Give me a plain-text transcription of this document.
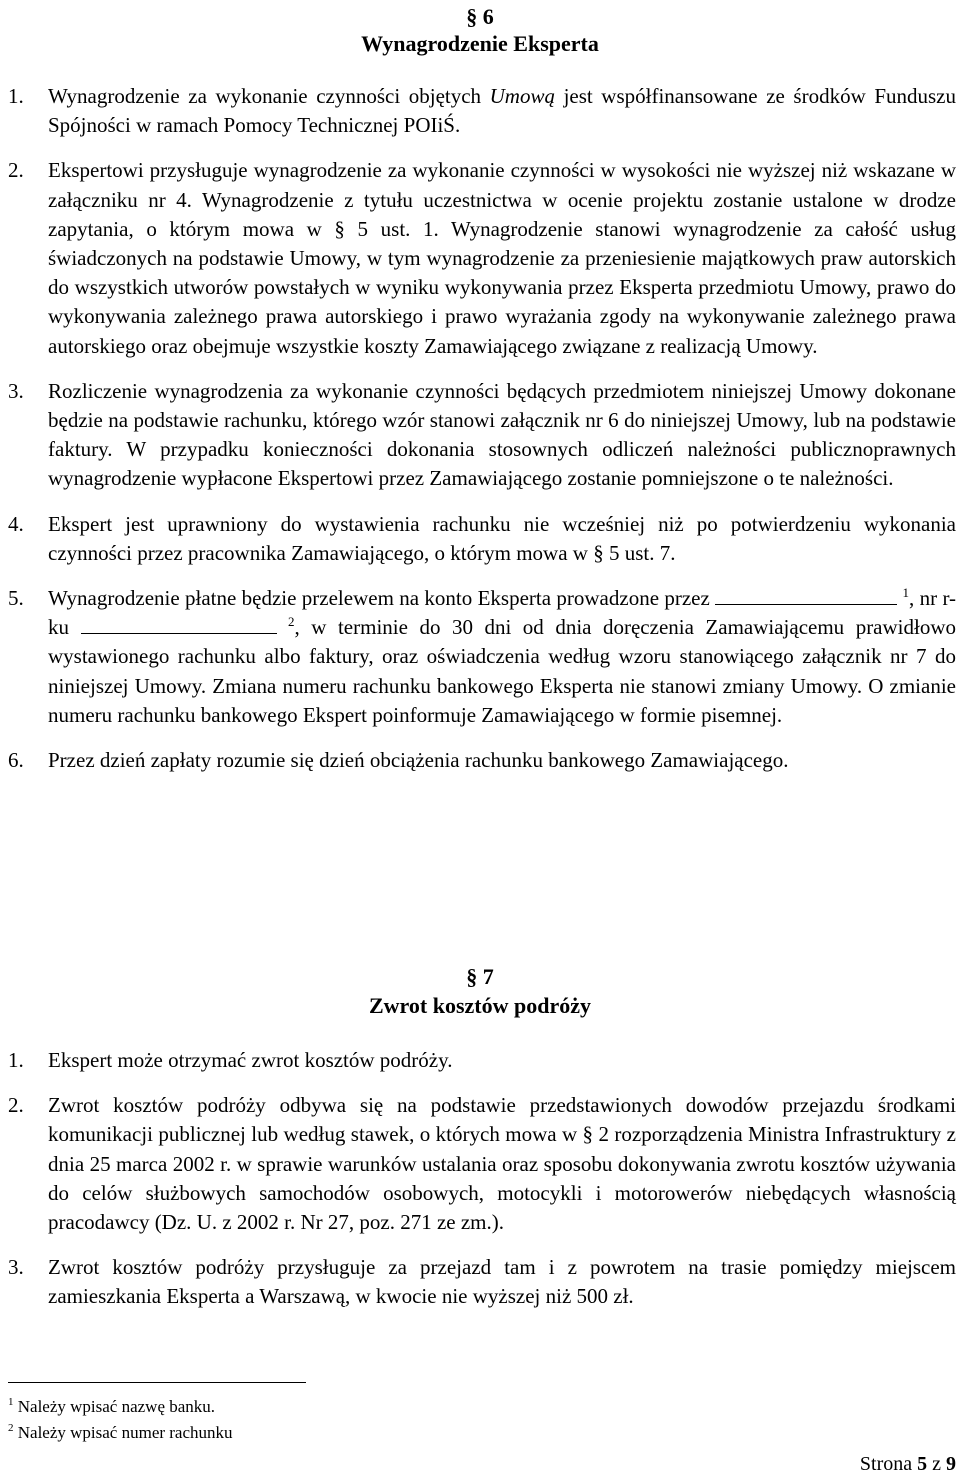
§ 6
Wynagrodzenie Eksperta
1. Wynagrodzenie za wykonanie czynności objętych Umową jest współfinansowane ze środków Funduszu Spójności w ramach Pomocy Technicznej POIiŚ.

2. Ekspertowi przysługuje wynagrodzenie za wykonanie czynności w wysokości nie wyższej niż wskazane w załączniku nr 4. Wynagrodzenie z tytułu uczestnictwa w ocenie projektu zostanie ustalone w drodze zapytania, o którym mowa w § 5 ust. 1. Wynagrodzenie stanowi wynagrodzenie za całość usług świadczonych na podstawie Umowy, w tym wynagrodzenie za przeniesienie majątkowych praw autorskich do wszystkich utworów powstałych w wyniku wykonywania przez Eksperta przedmiotu Umowy, prawo do wykonywania zależnego prawa autorskiego i prawo wyrażania zgody na wykonywanie zależnego prawa autorskiego oraz obejmuje wszystkie koszty Zamawiającego związane z realizacją Umowy.

3. Rozliczenie wynagrodzenia za wykonanie czynności będących przedmiotem niniejszej Umowy dokonane będzie na podstawie rachunku, którego wzór stanowi załącznik nr 6 do niniejszej Umowy, lub na podstawie faktury. W przypadku konieczności dokonania stosownych odliczeń należności publicznoprawnych wynagrodzenie wypłacone Ekspertowi przez Zamawiającego zostanie pomniejszone o te należności.

4. Ekspert jest uprawniony do wystawienia rachunku nie wcześniej niż po potwierdzeniu wykonania czynności przez pracownika Zamawiającego, o którym mowa w § 5 ust. 7.

5. Wynagrodzenie płatne będzie przelewem na konto Eksperta prowadzone przez	$^1$, nr r-ku	$^2$, w terminie do 30 dni od dnia doręczenia Zamawiającemu prawidłowo wystawionego rachunku albo faktury, oraz oświadczenia według wzoru stanowiącego załącznik nr 7 do niniejszej Umowy. Zmiana numeru rachunku bankowego Eksperta nie stanowi zmiany Umowy. O zmianie numeru rachunku bankowego Ekspert poinformuje Zamawiającego w formie pisemnej.

6. Przez dzień zapłaty rozumie się dzień obciążenia rachunku bankowego Zamawiającego.

§ 7
Zwrot kosztów podróży
1. Ekspert może otrzymać zwrot kosztów podróży.

2. Zwrot kosztów podróży odbywa się na podstawie przedstawionych dowodów przejazdu środkami komunikacji publicznej lub według stawek, o których mowa w § 2 rozporządzenia Ministra Infrastruktury z dnia 25 marca 2002 r. w sprawie warunków ustalania oraz sposobu dokonywania zwrotu kosztów używania do celów służbowych samochodów osobowych, motocykli i motorowerów niebędących własnością pracodawcy (Dz. U. z 2002 r. Nr 27, poz. 271 ze zm.).

3. Zwrot kosztów podróży przysługuje za przejazd tam i z powrotem na trasie pomiędzy miejscem zamieszkania Eksperta a Warszawą, w kwocie nie wyższej niż 500 zł.

$^1$ Należy wpisać nazwę banku.
$^2$ Należy wpisać numer rachunku
Strona 5 z 9
